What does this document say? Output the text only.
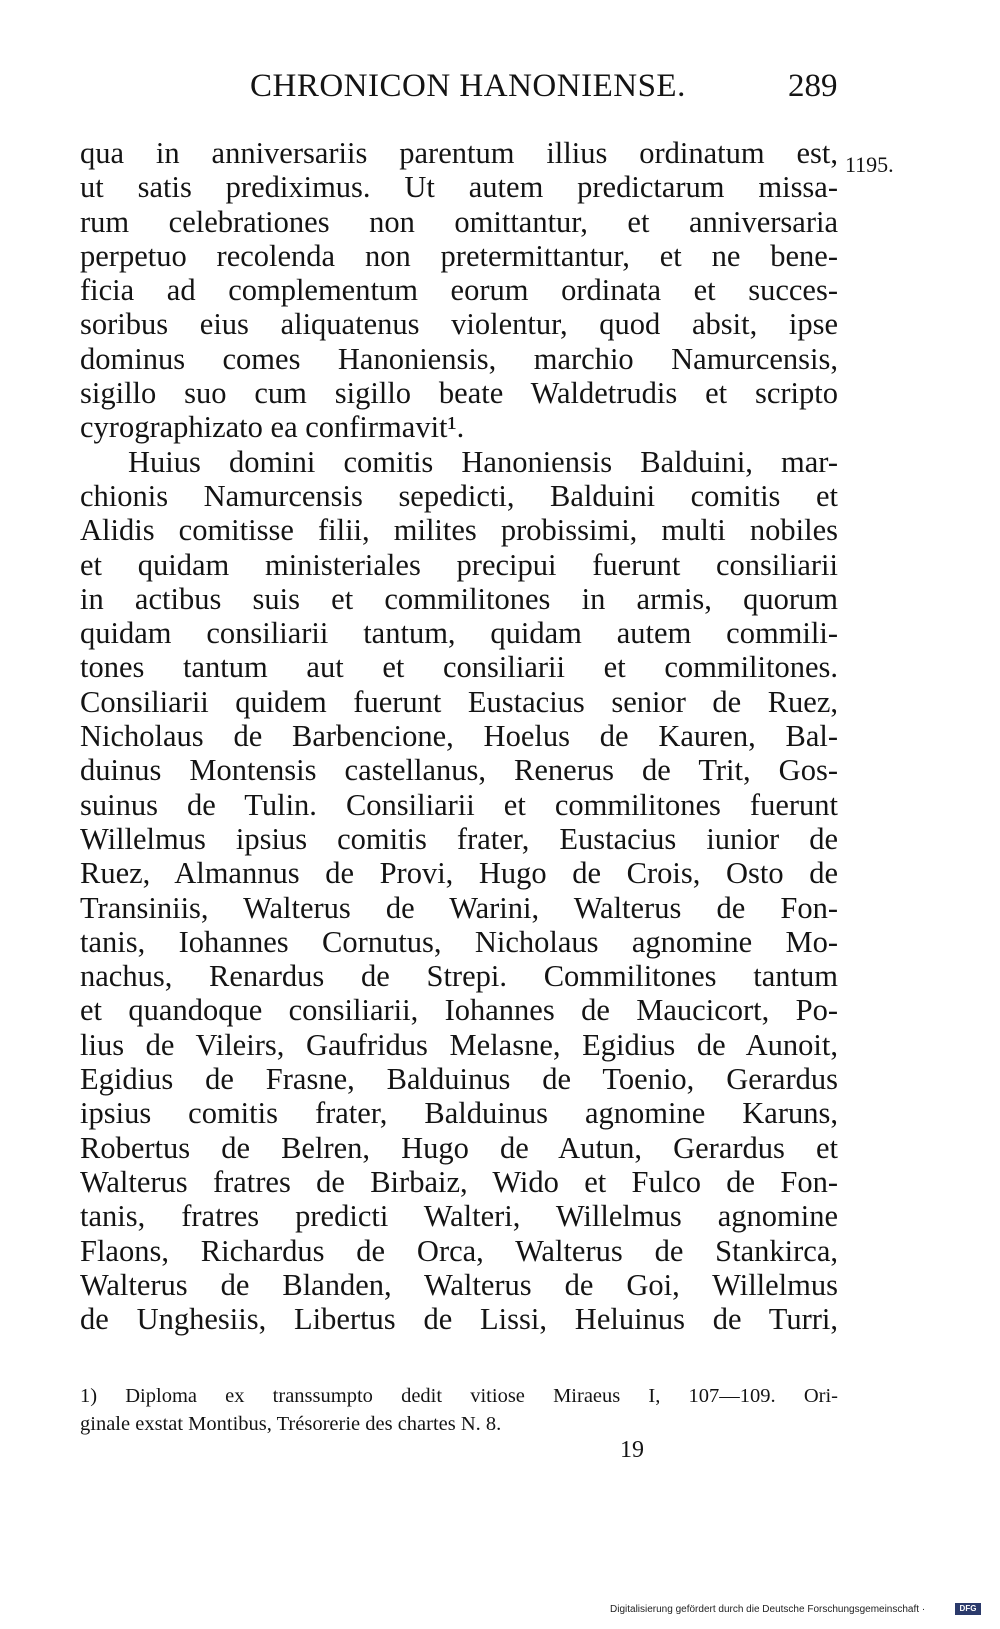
CHRONICON HANONIENSE.	289
1195.
qua in anniversariis parentum illius ordinatum est,
ut satis prediximus. Ut autem predictarum missa-
rum celebrationes non omittantur, et anniversaria
perpetuo recolenda non pretermittantur, et ne bene-
ficia ad complementum eorum ordinata et succes-
soribus eius aliquatenus violentur, quod absit, ipse
dominus comes Hanoniensis, marchio Namurcensis,
sigillo suo cum sigillo beate Waldetrudis et scripto
cyrographizato ea confirmavit¹.
Huius domini comitis Hanoniensis Balduini, mar-
chionis Namurcensis sepedicti, Balduini comitis et
Alidis comitisse filii, milites probissimi, multi nobiles
et quidam ministeriales precipui fuerunt consiliarii
in actibus suis et commilitones in armis, quorum
quidam consiliarii tantum, quidam autem commili-
tones tantum aut et consiliarii et commilitones.
Consiliarii quidem fuerunt Eustacius senior de Ruez,
Nicholaus de Barbencione, Hoelus de Kauren, Bal-
duinus Montensis castellanus, Renerus de Trit, Gos-
suinus de Tulin. Consiliarii et commilitones fuerunt
Willelmus ipsius comitis frater, Eustacius iunior de
Ruez, Almannus de Provi, Hugo de Crois, Osto de
Transiniis, Walterus de Warini, Walterus de Fon-
tanis, Iohannes Cornutus, Nicholaus agnomine Mo-
nachus, Renardus de Strepi. Commilitones tantum
et quandoque consiliarii, Iohannes de Maucicort, Po-
lius de Vileirs, Gaufridus Melasne, Egidius de Aunoit,
Egidius de Frasne, Balduinus de Toenio, Gerardus
ipsius comitis frater, Balduinus agnomine Karuns,
Robertus de Belren, Hugo de Autun, Gerardus et
Walterus fratres de Birbaiz, Wido et Fulco de Fon-
tanis, fratres predicti Walteri, Willelmus agnomine
Flaons, Richardus de Orca, Walterus de Stankirca,
Walterus de Blanden, Walterus de Goi, Willelmus
de Unghesiis, Libertus de Lissi, Heluinus de Turri,
1) Diploma ex transsumpto dedit vitiose Miraeus I, 107—109. Ori-
ginale exstat Montibus, Trésorerie des chartes N. 8.
19
Digitalisierung gefördert durch die Deutsche Forschungsgemeinschaft ·	DFG
